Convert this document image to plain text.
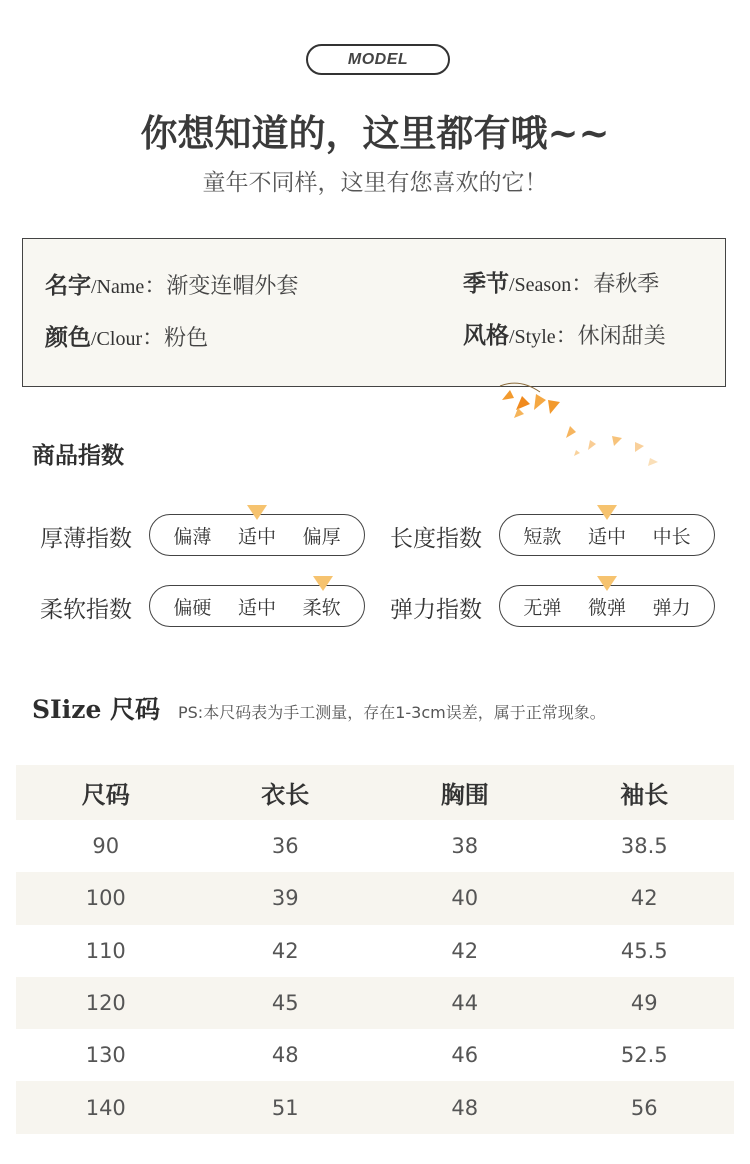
MODEL
你想知道的，这里都有哦~~
童年不同样，这里有您喜欢的它！
名字/Name：渐变连帽外套	季节/Season：春秋季
颜色/Clour：粉色	风格/Style：休闲甜美
商品指数
厚薄指数 偏薄 适中 偏厚 长度指数 短款 适中 中长
柔软指数 偏硬 适中 柔软 弹力指数 无弹 微弹 弹力
SIize 尺码 PS:本尺码表为手工测量，存在1-3cm误差，属于正常现象。
尺码	衣长	胸围	袖长
90	36	38	38.5
100	39	40	42
110	42	42	45.5
120	45	44	49
130	48	46	52.5
140	51	48	56
